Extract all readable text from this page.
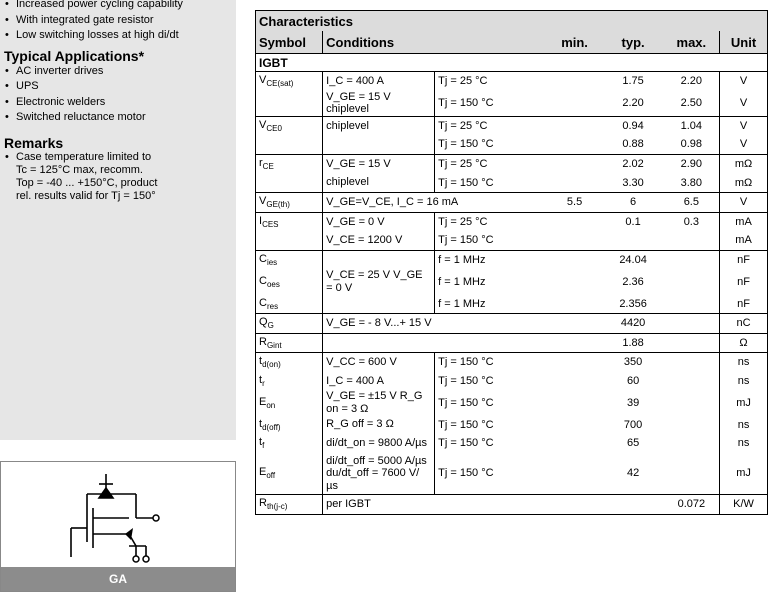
• Increased power cycling capability
• With integrated gate resistor
• Low switching losses at high di/dt
Typical Applications*
• AC inverter drives
• UPS
• Electronic welders
• Switched reluctance motor
Remarks
• Case temperature limited to
Tc = 125°C max, recomm.
Top = -40 ... +150°C, product
rel. results valid for Tj = 150°
GA
Characteristics						
Symbol	Conditions		min.	typ.	max.	Unit
IGBT						
$V_{CE(sat)}$	I_C = 400 A	Tj = 25 °C		1.75	2.20	V
	V_GE = 15 V chiplevel	Tj = 150 °C		2.20	2.50	V
$V_{CE0}$	chiplevel	Tj = 25 °C		0.94	1.04	V
		Tj = 150 °C		0.88	0.98	V
$r_{CE}$	V_GE = 15 V	Tj = 25 °C		2.02	2.90	mΩ
	chiplevel	Tj = 150 °C		3.30	3.80	mΩ
$V_{GE(th)}$	V_GE=V_CE, I_C = 16 mA		5.5	6	6.5	V
$I_{CES}$	V_GE = 0 V	Tj = 25 °C		0.1	0.3	mA
	V_CE = 1200 V	Tj = 150 °C				mA
$C_{ies}$		f = 1 MHz		24.04		nF
$C_{oes}$	V_CE = 25 V V_GE = 0 V	f = 1 MHz		2.36		nF
$C_{res}$		f = 1 MHz		2.356		nF
$Q_G$	V_GE = - 8 V...+ 15 V			4420		nC
$R_{Gint}$				1.88		Ω
$t_{d(on)}$	V_CC = 600 V	Tj = 150 °C		350		ns
$t_r$	I_C = 400 A	Tj = 150 °C		60		ns
$E_{on}$	V_GE = ±15 V R_G on = 3 Ω	Tj = 150 °C		39		mJ
$t_{d(off)}$	R_G off = 3 Ω	Tj = 150 °C		700		ns
$t_f$	di/dt_on = 9800 A/µs	Tj = 150 °C		65		ns
$E_{off}$	di/dt_off = 5000 A/µs du/dt_off = 7600 V/ µs	Tj = 150 °C		42		mJ
$R_{th(j-c)}$	per IGBT				0.072	K/W
